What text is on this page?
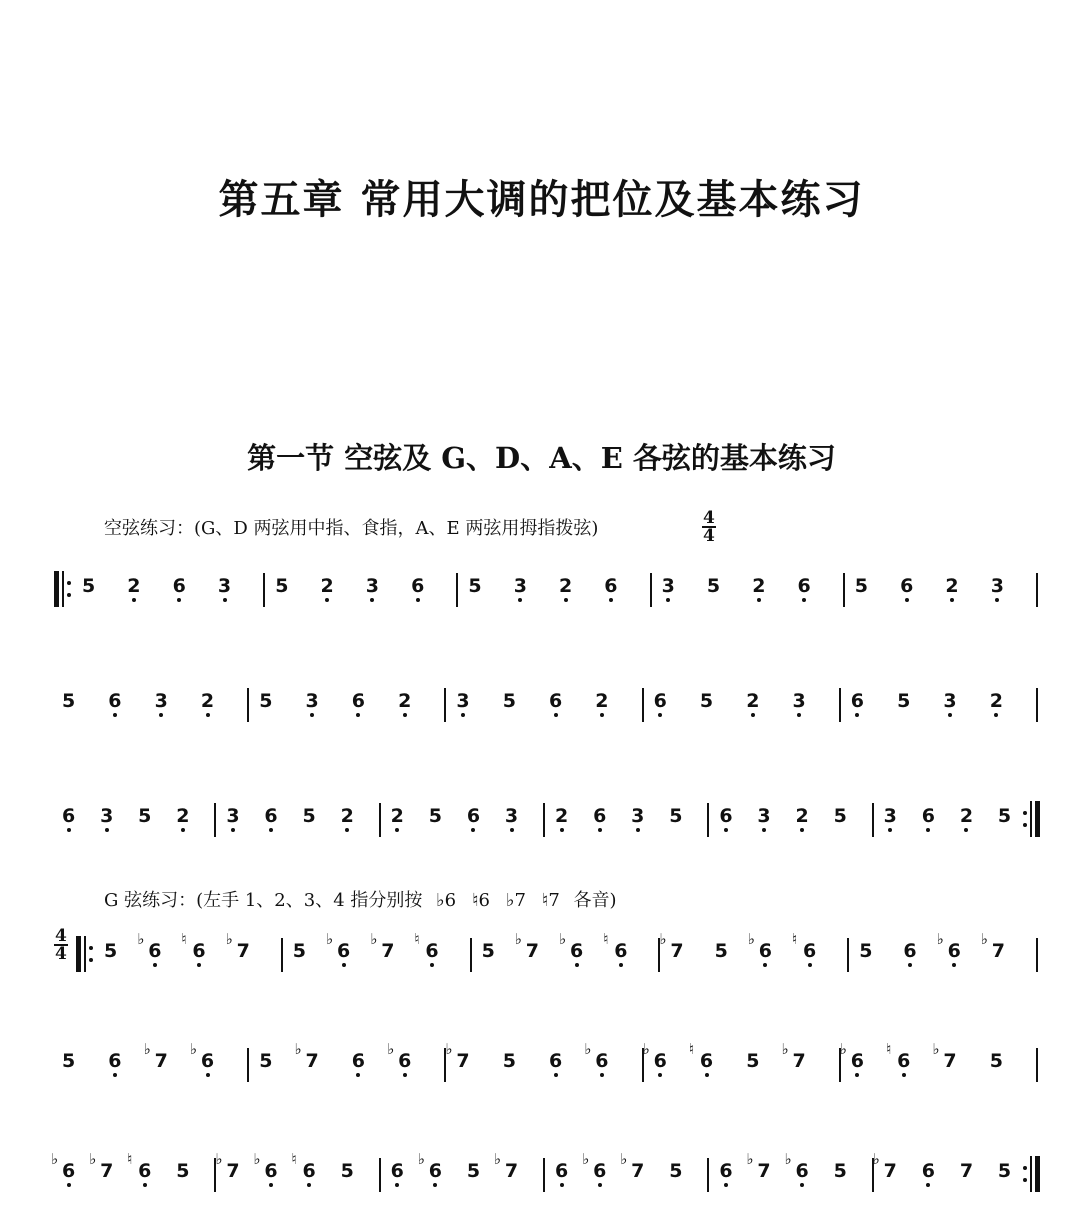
第五章 常用大调的把位及基本练习
第一节 空弦及 G、D、A、E 各弦的基本练习
空弦练习：(G、D 两弦用中指、食指，A、E 两弦用拇指拨弦)	4
4
G 弦练习：(左手 1、2、3、4 指分别按 ♭6 ♮6 ♭7 ♮7 各音)
4
4
5 2 6 3 5 2 3 6 5 3 2 6 3 5 2 6 5 6 2 3
5 6 3 2 5 3 6 2 3 5 6 2 6 5 2 3 6 5 3 2
6 3 5 2 3 6 5 2 2 5 6 3 2 6 3 5 6 3 2 5 3 6 2 5
5
♭
6
♮
6
♭
7 5
♭
6
♭
7
♮
6 5
♭
7
♭
6
♮
6
♭
7 5
♭
6
♮
6 5 6
♭
6
♭
7
5 6
♭
7
♭
6 5
♭
7 6
♭
6
♭
7 5 6
♭
6
♭
6
♮
6 5
♭
7
♭
6
♮
6
♭
7 5
♭
6
♭
7
♮
6 5
♭
7
♭
6
♮
6 5 6
♭
6 5
♭
7 6
♭
6
♭
7 5 6
♭
7
♭
6 5
♭
7 6 7 5
